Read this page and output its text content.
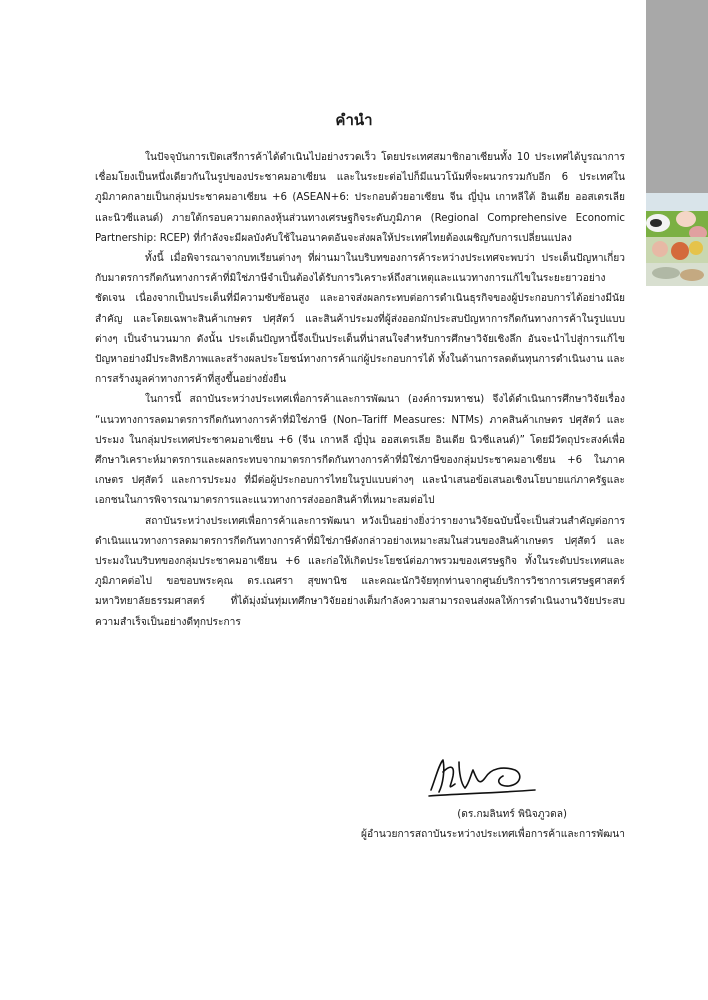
คำนำ

ในปัจจุบันการเปิดเสรีการค้าได้ดำเนินไปอย่างรวดเร็ว โดยประเทศสมาชิกอาเซียนทั้ง 10 ประเทศได้บูรณาการเชื่อมโยงเป็นหนึ่งเดียวกันในรูปของประชาคมอาเซียน และในระยะต่อไปก็มีแนวโน้มที่จะผนวกรวมกับอีก 6 ประเทศในภูมิภาคกลายเป็นกลุ่มประชาคมอาเซียน +6 (ASEAN+6: ประกอบด้วยอาเซียน จีน ญี่ปุ่น เกาหลีใต้ อินเดีย ออสเตรเลีย และนิวซีแลนด์) ภายใต้กรอบความตกลงหุ้นส่วนทางเศรษฐกิจระดับภูมิภาค (Regional Comprehensive Economic Partnership: RCEP) ที่กำลังจะมีผลบังคับใช้ในอนาคตอันจะส่งผลให้ประเทศไทยต้องเผชิญกับการเปลี่ยนแปลง

ทั้งนี้ เมื่อพิจารณาจากบทเรียนต่างๆ ที่ผ่านมาในบริบทของการค้าระหว่างประเทศจะพบว่า ประเด็นปัญหาเกี่ยวกับมาตรการกีดกันทางการค้าที่มิใช่ภาษีจำเป็นต้องได้รับการวิเคราะห์ถึงสาเหตุและแนวทางการแก้ไขในระยะยาวอย่างชัดเจน เนื่องจากเป็นประเด็นที่มีความซับซ้อนสูง และอาจส่งผลกระทบต่อการดำเนินธุรกิจของผู้ประกอบการได้อย่างมีนัยสำคัญ และโดยเฉพาะสินค้าเกษตร ปศุสัตว์ และสินค้าประมงที่ผู้ส่งออกมักประสบปัญหาการกีดกันทางการค้าในรูปแบบต่างๆ เป็นจำนวนมาก ดังนั้น ประเด็นปัญหานี้จึงเป็นประเด็นที่น่าสนใจสำหรับการศึกษาวิจัยเชิงลึก อันจะนำไปสู่การแก้ไขปัญหาอย่างมีประสิทธิภาพและสร้างผลประโยชน์ทางการค้าแก่ผู้ประกอบการได้ ทั้งในด้านการลดต้นทุนการดำเนินงาน และการสร้างมูลค่าทางการค้าที่สูงขึ้นอย่างยั่งยืน

ในการนี้ สถาบันระหว่างประเทศเพื่อการค้าและการพัฒนา (องค์การมหาชน) จึงได้ดำเนินการศึกษาวิจัยเรื่อง “แนวทางการลดมาตรการกีดกันทางการค้าที่มิใช่ภาษี (Non–Tariff Measures: NTMs) ภาคสินค้าเกษตร ปศุสัตว์ และประมง ในกลุ่มประเทศประชาคมอาเซียน +6 (จีน เกาหลี ญี่ปุ่น ออสเตรเลีย อินเดีย นิวซีแลนด์)” โดยมีวัตถุประสงค์เพื่อศึกษาวิเคราะห์มาตรการและผลกระทบจากมาตรการกีดกันทางการค้าที่มิใช่ภาษีของกลุ่มประชาคมอาเซียน +6 ในภาคเกษตร ปศุสัตว์ และการประมง ที่มีต่อผู้ประกอบการไทยในรูปแบบต่างๆ และนำเสนอข้อเสนอเชิงนโยบายแก่ภาครัฐและเอกชนในการพิจารณามาตรการและแนวทางการส่งออกสินค้าที่เหมาะสมต่อไป

สถาบันระหว่างประเทศเพื่อการค้าและการพัฒนา หวังเป็นอย่างยิ่งว่ารายงานวิจัยฉบับนี้จะเป็นส่วนสำคัญต่อการดำเนินแนวทางการลดมาตรการกีดกันทางการค้าที่มิใช่ภาษีดังกล่าวอย่างเหมาะสมในส่วนของสินค้าเกษตร ปศุสัตว์ และประมงในบริบทของกลุ่มประชาคมอาเซียน +6 และก่อให้เกิดประโยชน์ต่อภาพรวมของเศรษฐกิจ ทั้งในระดับประเทศและภูมิภาคต่อไป ขอขอบพระคุณ ดร.เณศรา สุขพานิช และคณะนักวิจัยทุกท่านจากศูนย์บริการวิชาการเศรษฐศาสตร์ มหาวิทยาลัยธรรมศาสตร์ ที่ได้มุ่งมั่นทุ่มเทศึกษาวิจัยอย่างเต็มกำลังความสามารถจนส่งผลให้การดำเนินงานวิจัยประสบความสำเร็จเป็นอย่างดีทุกประการ

(ดร.กมลินทร์ พินิจภูวดล)
ผู้อำนวยการสถาบันระหว่างประเทศเพื่อการค้าและการพัฒนา
